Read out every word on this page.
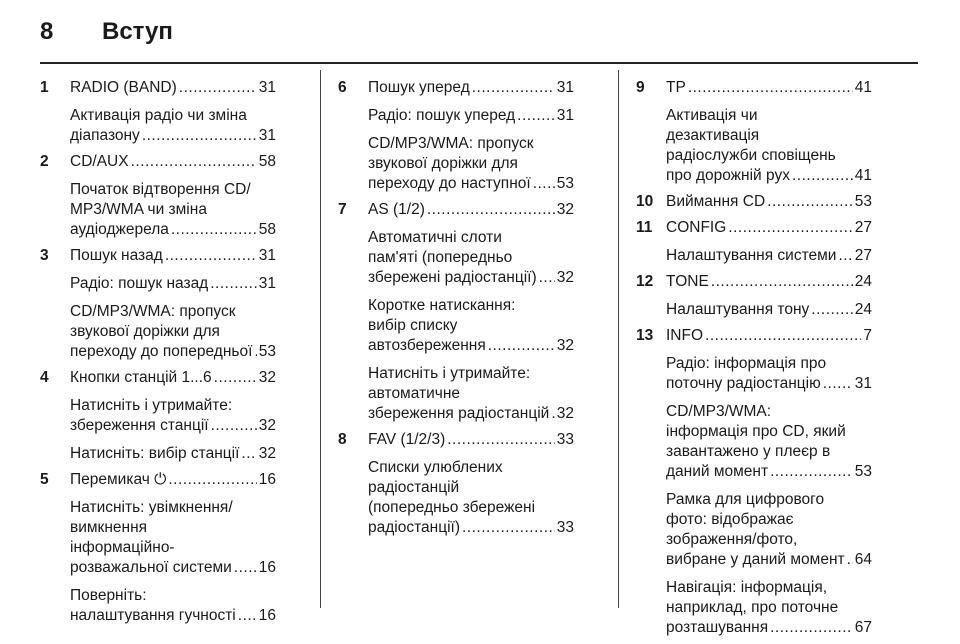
8 Вступ
1 RADIO (BAND) .....	31
Активація радіо чи зміна
діапазону .....	31
2 CD/AUX .....	58
Початок відтворення CD/
MP3/WMA чи зміна
аудіоджерела .....	58
3 Пошук назад .....	31
Радіо: пошук назад .....	31
CD/MP3/WMA: пропуск
звукової доріжки для
переходу до попередньої ..... 53
4 Кнопки станцій 1...6 .....	32
Натисніть і утримайте:
збереження станції .....	32
Натисніть: вибір станції ..... 32
5 Перемикач ⏻ .....	16
Натисніть: увімкнення/
вимкнення
інформаційно-
розважальної системи ..... 16
Поверніть:
налаштування гучності ..... 16
6 Пошук уперед .....	31
Радіо: пошук уперед .....	31
CD/MP3/WMA: пропуск
звукової доріжки для
переходу до наступної ..... 53
7 AS (1/2) .....	32
Автоматичні слоти
пам'яті (попередньо
збережені радіостанції) ..... 32
Коротке натискання:
вибір списку
автозбереження .....	32
Натисніть і утримайте:
автоматичне
збереження радіостанцій ..... 32
8 FAV (1/2/3) .....	33
Списки улюблених
радіостанцій
(попередньо збережені
радіостанції) .....	33
9 TP .....	41
Активація чи
дезактивація
радіослужби сповіщень
про дорожній рух .....	41
10 Виймання CD .....	53
11 CONFIG .....	27
Налаштування системи ..... 27
12 TONE .....	24
Налаштування тону .....	24
13 INFO .....	7
Радіо: інформація про
поточну радіостанцію ..... 31
CD/MP3/WMA:
інформація про CD, який
завантажено у плеєр в
даний момент .....	53
Рамка для цифрового
фото: відображає
зображення/фото,
вибране у даний момент ..... 64
Навігація: інформація,
наприклад, про поточне
розташування .....	67
